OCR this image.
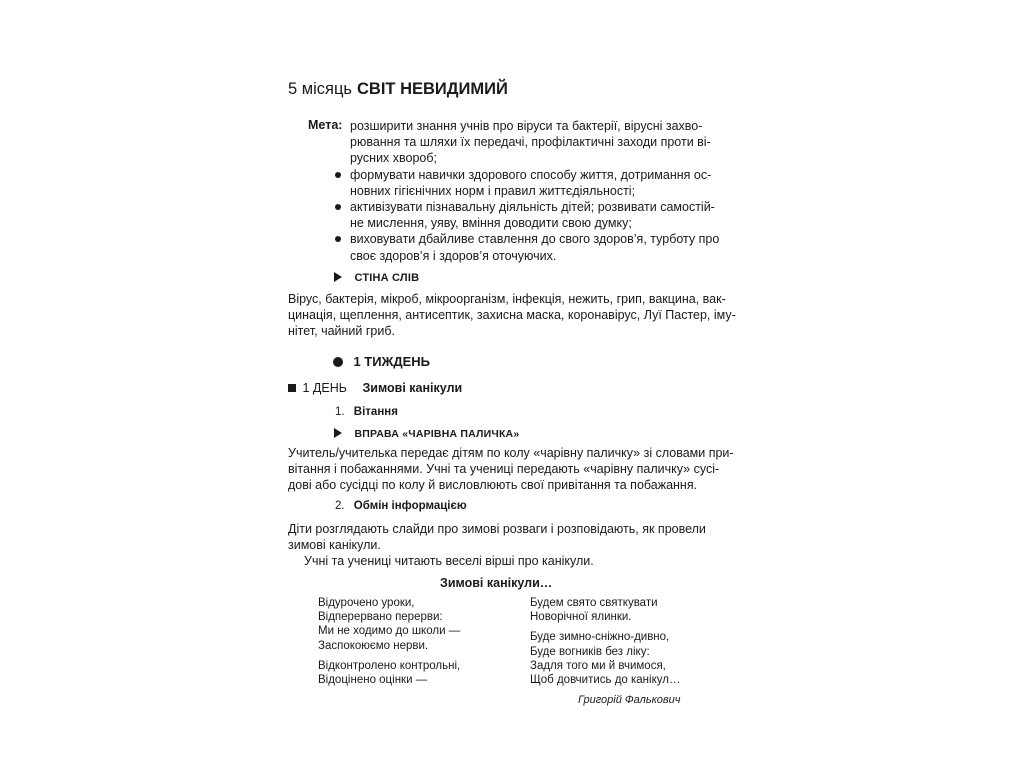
5 місяць СВІТ НЕВИДИМИЙ
Мета: розширити знання учнів про віруси та бактерії, вірусні захво-
рювання та шляхи їх передачі, профілактичні заходи проти ві-
русних хвороб;
формувати навички здорового способу життя, дотримання ос-
новних гігієнічних норм і правил життєдіяльності;
активізувати пізнавальну діяльність дітей; розвивати самостій-
не мислення, уяву, вміння доводити свою думку;
виховувати дбайливе ставлення до свого здоров’я, турботу про
своє здоров’я і здоров’я оточуючих.
СТІНА СЛІВ
Вірус, бактерія, мікроб, мікроорганізм, інфекція, нежить, грип, вакцина, вак-
цинація, щеплення, антисептик, захисна маска, коронавірус, Луї Пастер, іму-
нітет, чайний гриб.
1 ТИЖДЕНЬ
1 ДЕНЬ Зимові канікули
1. Вітання
ВПРАВА «ЧАРІВНА ПАЛИЧКА»
Учитель/учителька передає дітям по колу «чарівну паличку» зі словами при-
вітання і побажаннями. Учні та учениці передають «чарівну паличку» сусі-
дові або сусідці по колу й висловлюють свої привітання та побажання.
2. Обмін інформацією
Діти розглядають слайди про зимові розваги і розповідають, як провели
зимові канікули.
Учні та учениці читають веселі вірші про канікули.
Зимові канікули…
Відурочено уроки,
Відперервано перерви:
Ми не ходимо до школи —
Заспокоюємо нерви.
Відконтролено контрольні,
Відоцінено оцінки —
Будем свято святкувати
Новорічної ялинки.
Буде зимно-сніжно-дивно,
Буде вогників без ліку:
Задля того ми й вчимося,
Щоб довчитись до канікул…
Григорій Фалькович
